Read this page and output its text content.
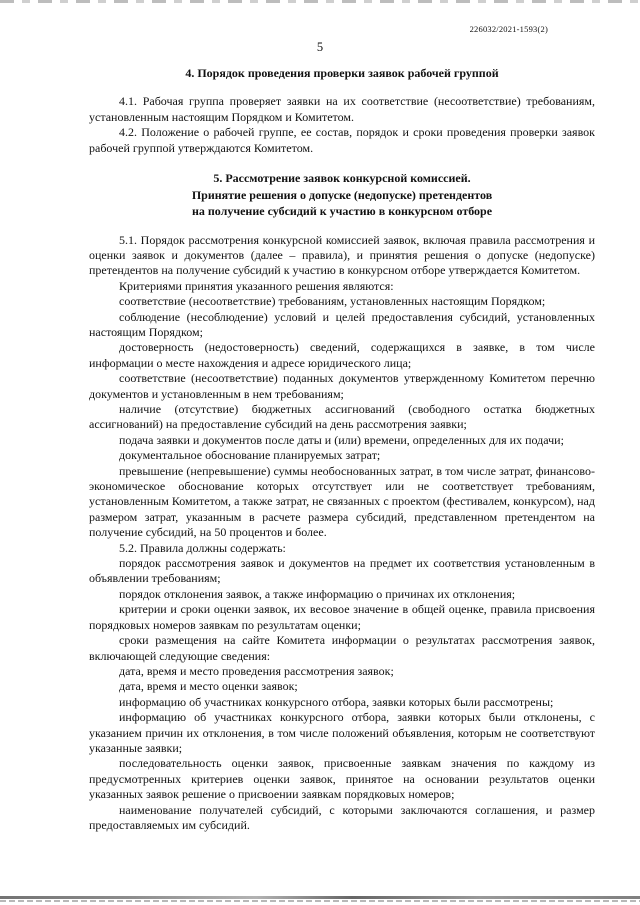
226032/2021-1593(2)
5
4. Порядок проведения проверки заявок рабочей группой

4.1. Рабочая группа проверяет заявки на их соответствие (несоответствие) требованиям, установленным настоящим Порядком и Комитетом.

4.2. Положение о рабочей группе, ее состав, порядок и сроки проведения проверки заявок рабочей группой утверждаются Комитетом.

5. Рассмотрение заявок конкурсной комиссией.
Принятие решения о допуске (недопуске) претендентов
на получение субсидий к участию в конкурсном отборе

5.1. Порядок рассмотрения конкурсной комиссией заявок, включая правила рассмотрения и оценки заявок и документов (далее – правила), и принятия решения о допуске (недопуске) претендентов на получение субсидий к участию в конкурсном отборе утверждается Комитетом.

Критериями принятия указанного решения являются:

соответствие (несоответствие) требованиям, установленных настоящим Порядком;

соблюдение (несоблюдение) условий и целей предоставления субсидий, установленных настоящим Порядком;

достоверность (недостоверность) сведений, содержащихся в заявке, в том числе информации о месте нахождения и адресе юридического лица;

соответствие (несоответствие) поданных документов утвержденному Комитетом перечню документов и установленным в нем требованиям;

наличие (отсутствие) бюджетных ассигнований (свободного остатка бюджетных ассигнований) на предоставление субсидий на день рассмотрения заявки;

подача заявки и документов после даты и (или) времени, определенных для их подачи;

документальное обоснование планируемых затрат;

превышение (непревышение) суммы необоснованных затрат, в том числе затрат, финансово-экономическое обоснование которых отсутствует или не соответствует требованиям, установленным Комитетом, а также затрат, не связанных с проектом (фестивалем, конкурсом), над размером затрат, указанным в расчете размера субсидий, представленном претендентом на получение субсидий, на 50 процентов и более.

5.2. Правила должны содержать:

порядок рассмотрения заявок и документов на предмет их соответствия установленным в объявлении требованиям;

порядок отклонения заявок, а также информацию о причинах их отклонения;

критерии и сроки оценки заявок, их весовое значение в общей оценке, правила присвоения порядковых номеров заявкам по результатам оценки;

сроки размещения на сайте Комитета информации о результатах рассмотрения заявок, включающей следующие сведения:

дата, время и место проведения рассмотрения заявок;

дата, время и место оценки заявок;

информацию об участниках конкурсного отбора, заявки которых были рассмотрены;

информацию об участниках конкурсного отбора, заявки которых были отклонены, с указанием причин их отклонения, в том числе положений объявления, которым не соответствуют указанные заявки;

последовательность оценки заявок, присвоенные заявкам значения по каждому из предусмотренных критериев оценки заявок, принятое на основании результатов оценки указанных заявок решение о присвоении заявкам порядковых номеров;

наименование получателей субсидий, с которыми заключаются соглашения, и размер предоставляемых им субсидий.
